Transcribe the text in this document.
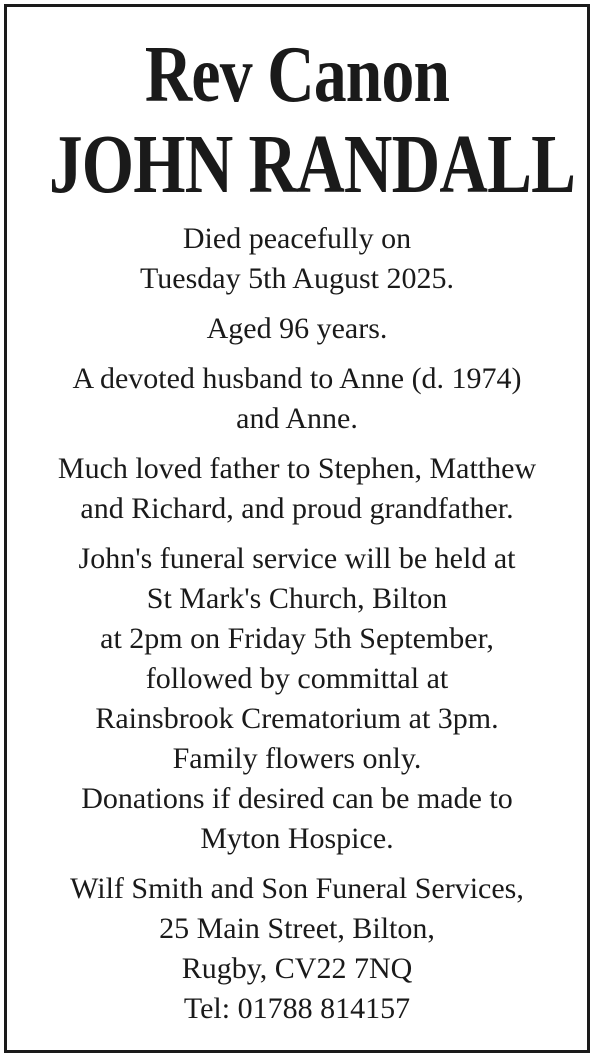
Rev Canon
JOHN RANDALL

Died peacefully on
Tuesday 5th August 2025.

Aged 96 years.

A devoted husband to Anne (d. 1974)
and Anne.

Much loved father to Stephen, Matthew
and Richard, and proud grandfather.

John's funeral service will be held at
St Mark's Church, Bilton
at 2pm on Friday 5th September,
followed by committal at
Rainsbrook Crematorium at 3pm.
Family flowers only.
Donations if desired can be made to
Myton Hospice.

Wilf Smith and Son Funeral Services,
25 Main Street, Bilton,
Rugby, CV22 7NQ
Tel: 01788 814157
